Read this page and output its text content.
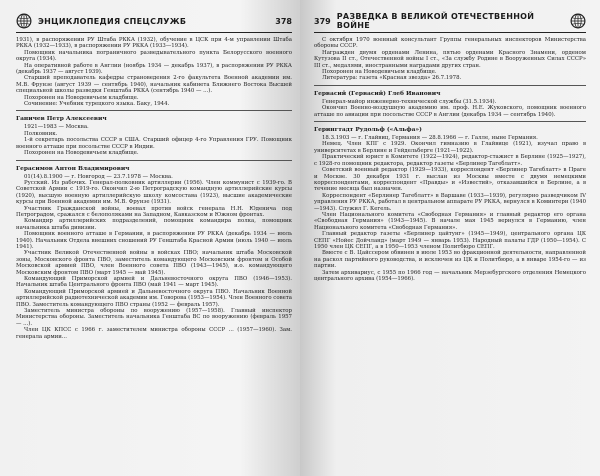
ЭНЦИКЛОПЕДИЯ СПЕЦСЛУЖБ	378

1931), в распоряжении РУ Штаба РККА (1932), обучение в ЦСК при 4-м управлении Штаба РККА (1932—1933), в распоряжении РУ РККА (1933—1934).

Помощник начальника пограничного разведывательного пункта Белорусского военного округа (1934).

На оперативной работе в Англии (ноябрь 1934 — декабрь 1937), в распоряжении РУ РККА (декабрь 1937 — август 1939).

Старший преподаватель кафедры страноведения 2-го факультета Военной академии им. М.В. Фрунзе (август 1939 — сентябрь 1940), начальник кабинета Ближнего Востока Высшей специальной школы разведки Генштаба РККА (сентябрь 1940 — ...).

Похоронен на Новодевичьем кладбище.

Сочинение: Учебник турецкого языка. Баку, 1944.

Ганичев Петр Алексеевич

1921—1983 — Москва.

Полковник.

1-й секретарь посольства СССР в США. Старший офицер 4-го Управления ГРУ. Помощник военного атташе при посольстве СССР в Индии.

Похоронен на Новодевичьем кладбище.

Герасимов Антон Владимирович

01(14).8.1900 — г. Новгород — 23.7.1978 — Москва.

Русский. Из рабочих. Генерал-полковник артиллерии (1956). Член коммунист с 1939-го. В Советской Армии с 1919-го. Окончил 2-ю Петроградскую командную артиллерийские курсы (1920), высшую военную артиллерийскую школу комсостава (1923), высшие академические курсы при Военной академии им. М.В. Фрунзе (1931).

Участник Гражданской войны, воевал против войск генерала Н.Н. Юденича под Петроградом, сражался с белополяками на Западном, Кавказском и Южном фронтах.

Командир артиллерийских подразделений, помощник командира полка, помощник начальника штаба дивизии.

Помощник военного атташе в Германии, в распоряжении РУ РККА (декабрь 1934 — июль 1940). Начальник Отдела внешних сношений РУ Генштаба Красной Армии (июль 1940 — июль 1941).

Участник Великой Отечественной войны в войсках ПВО; начальник штаба Московской зоны, Московского фронта ПВО, заместитель командующего Московским фронтом и Особой Московской армией ПВО, член Военного совета ПВО (1943—1945), и.о. командующего Московским фронтом ПВО (март 1945 — май 1945).

Командующий Приморской армией и Дальневосточного округа ПВО (1946—1953). Начальник штаба Центрального фронта ПВО (май 1941 — март 1945).

Командующий Приморской армией и Дальневосточного округа ПВО. Начальник Военной артиллерийской радиотехнической академии им. Говорова (1953—1954). Член Военного совета ПВО. Заместитель командующего ПВО страны (1952 — февраль 1957).

Заместитель министра обороны по вооружению (1957—1958). Главный инспектор Министерства обороны. Заместитель начальника Генштаба ВС по вооружению (февраль 1957 — ...).

Член ЦК КПСС с 1966 г. заместителем министра обороны СССР ... (1957—1960). Зам. генерала армии...

379 РАЗВЕДКА В ВЕЛИКОЙ ОТЕЧЕСТВЕННОЙ ВОЙНЕ

С октября 1970 военный консультант Группы генеральных инспекторов Министерства обороны СССР.

Награжден двумя орденами Ленина, пятью орденами Красного Знамени, орденом Кутузова II ст., Отечественной войны I ст., «За службу Родине в Вооруженных Силах СССР» III ст., медалями, иностранными наградами других стран.

Похоронен на Новодевичьем кладбище.

Литература: газета «Красная звезда» 26.7.1978.

Гервасий (Гервасий) Глеб Иванович

Генерал-майор инженерно-технической службы (31.5.1934).

Окончил Военно-воздушную академию им. проф. Н.Е. Жуковского, помощник военного атташе по авиации при посольстве СССР в Англии (декабрь 1934 — сентябрь 1940).

Герингтадт Рудольф («Альфа»)

18.3.1903 — г. Глайвиц, Германия — 28.8.1966 — г. Галле, ныне Германия.

Немец. Член КПГ с 1929. Окончил гимназию в Глайвице (1921), изучал право в университетах в Берлине и Гейдельберге (1921—1922).

Практический юрист в Комитете (1922—1924), редактор-стажист в Берлине (1925—1927), с 1928-го помощник редактора, редактор газеты «Берлинер Тагеблатт».

Советский военный редактор (1929—1933), корреспондент «Берлинер Тагеблатт» в Праге и Москве. 30 декабря 1931 г. выслан из Москвы вместе с двумя немецкими корреспондентами, корреспондент «Правды» и «Известий», отказавшийся в Берлине, а в течение месяца был назначен.

Корреспондент «Берлинер Тагеблатт» в Варшаве (1933—1939), регулярно разведчиком IV управления РУ РККА, работал в центральном аппарате РУ РККА, вернулся в Коминтерн (1940—1943). Служил Г. Кегель.

Член Национального комитета «Свободная Германия» и главный редактор его органа «Свободная Германия» (1943—1945). В начале мая 1945 вернулся в Германию, член Национального комитета «Свободная Германия».

Главный редактор газеты «Берлинер цайтунг» (1945—1949), центрального органа ЦК СЕПГ «Нойес Дойчланд» (март 1949 — январь 1953). Народный палаты ГДР (1950—1954). С 1950 член ЦК СЕПГ, а в 1950—1953 членом Политбюро СЕПГ.

Вместе с В. Цайссером обвинен в июле 1953 во фракционной деятельности, направленной на раскол партийного руководства, и исключен из ЦК и Политбюро, а в январе 1954-го — из партии.

Затем архивариус, с 1955 по 1966 год — начальник Мерзебургского отделения Немецкого центрального архива (1954—1966).
